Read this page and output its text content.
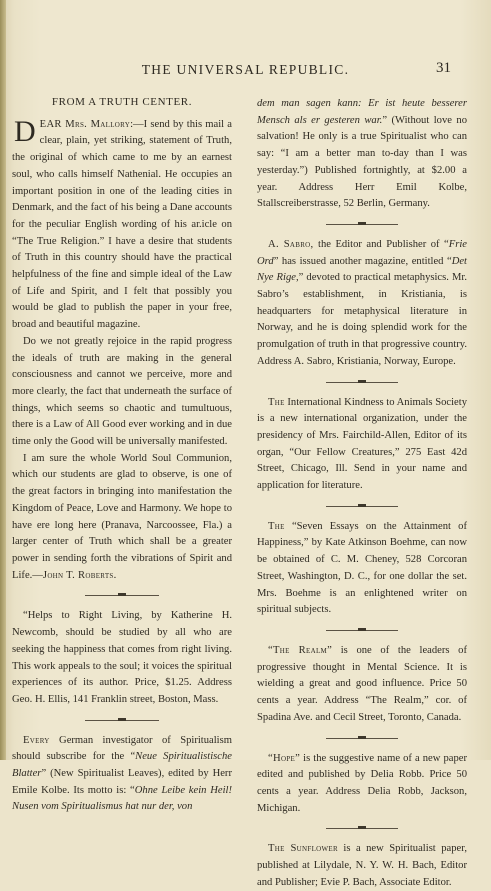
THE UNIVERSAL REPUBLIC.	31
FROM A TRUTH CENTER.

DEAR Mrs. Mallory:—I send by this mail a clear, plain, yet striking, statement of Truth, the original of which came to me by an earnest soul, who calls himself Nathenial. He occupies an important position in one of the leading cities in Denmark, and the fact of his being a Dane accounts for the peculiar English wording of his ar.icle on “The True Religion.” I have a desire that students of Truth in this country should have the practical helpfulness of the fine and simple ideal of the Law of Life and Spirit, and I felt that possibly you would be glad to publish the paper in your free, broad and beautiful magazine.

Do we not greatly rejoice in the rapid progress the ideals of truth are making in the general consciousness and cannot we perceive, more and more clearly, the fact that underneath the surface of things, which seems so chaotic and tumultuous, there is a Law of All Good ever working and in due time only the Good will be universally manifested.

I am sure the whole World Soul Communion, which our students are glad to observe, is one of the great factors in bringing into manifestation the Kingdom of Peace, Love and Harmony. We hope to have ere long here (Pranava, Narcoossee, Fla.) a larger center of Truth which shall be a greater power in sending forth the vibrations of Spirit and Life.—John T. Roberts.

“Helps to Right Living, by Katherine H. Newcomb, should be studied by all who are seeking the happiness that comes from right living. This work appeals to the soul; it voices the spiritual experiences of its author. Price, $1.25. Address Geo. H. Ellis, 141 Franklin street, Boston, Mass.

Every German investigator of Spiritualism should subscribe for the “Neue Spiritualistische Blatter” (New Spiritualist Leaves), edited by Herr Emile Kolbe. Its motto is: “Ohne Leibe kein Heil! Nusen vom Spiritualismus hat nur der, von

dem man sagen kann: Er ist heute besserer Mensch als er gesteren war.” (Without love no salvation! He only is a true Spiritualist who can say: “I am a better man to-day than I was yesterday.”) Published fortnightly, at $2.00 a year. Address Herr Emil Kolbe, Stallscreiberstrasse, 52 Berlin, Germany.

A. Sabro, the Editor and Publisher of “Frie Ord” has issued another magazine, entitled “Det Nye Rige,” devoted to practical metaphysics. Mr. Sabro’s establishment, in Kristiania, is headquarters for metaphysical literature in Norway, and he is doing splendid work for the promulgation of truth in that progressive country. Address A. Sabro, Kristiania, Norway, Europe.

The International Kindness to Animals Society is a new international organization, under the presidency of Mrs. Fairchild-Allen, Editor of its organ, “Our Fellow Creatures,” 275 East 42d Street, Chicago, Ill. Send in your name and application for literature.

The “Seven Essays on the Attainment of Happiness,” by Kate Atkinson Boehme, can now be obtained of C. M. Cheney, 528 Corcoran Street, Washington, D. C., for one dollar the set. Mrs. Boehme is an enlightened writer on spiritual subjects.

“The Realm” is one of the leaders of progressive thought in Mental Science. It is wielding a great and good influence. Price 50 cents a year. Address “The Realm,” cor. of Spadina Ave. and Cecil Street, Toronto, Canada.

“Hope” is the suggestive name of a new paper edited and published by Delia Robb. Price 50 cents a year. Address Delia Robb, Jackson, Michigan.

The Sunflower is a new Spiritualist paper, published at Lilydale, N. Y. W. H. Bach, Editor and Publisher; Evie P. Bach, Associate Editor.
